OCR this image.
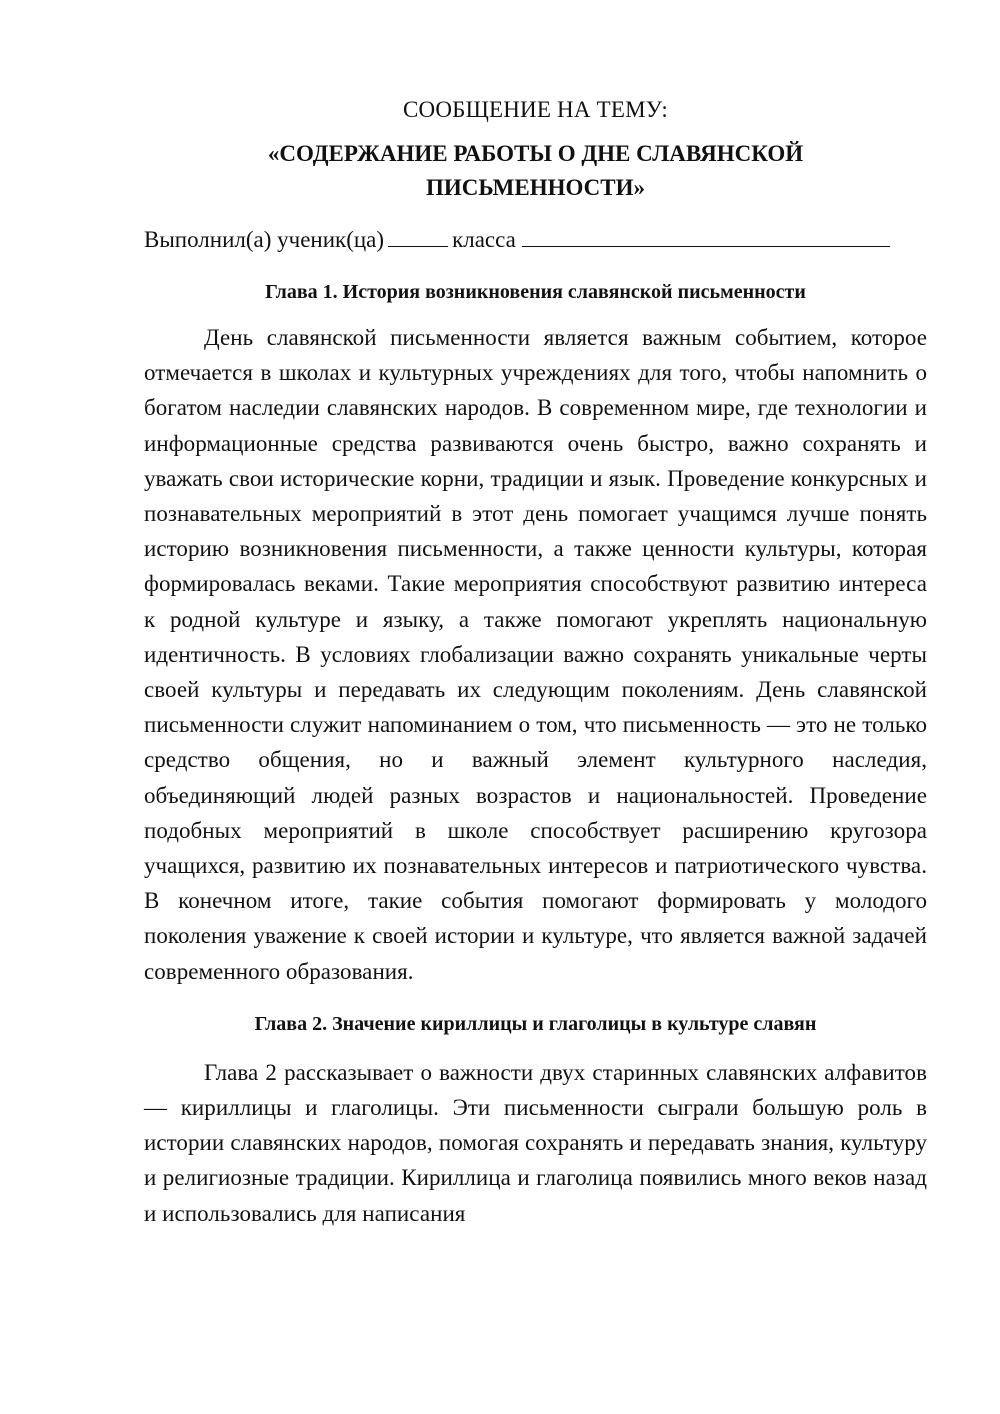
СООБЩЕНИЕ НА ТЕМУ:

«СОДЕРЖАНИЕ РАБОТЫ О ДНЕ СЛАВЯНСКОЙ
ПИСЬМЕННОСТИ»

Выполнил(а) ученик(ца)	класса

Глава 1. История возникновения славянской письменности

День славянской письменности является важным событием, которое отмечается в школах и культурных учреждениях для того, чтобы напомнить о богатом наследии славянских народов. В современном мире, где технологии и информационные средства развиваются очень быстро, важно сохранять и уважать свои исторические корни, традиции и язык. Проведение конкурсных и познавательных мероприятий в этот день помогает учащимся лучше понять историю возникновения письменности, а также ценности культуры, которая формировалась веками. Такие мероприятия способствуют развитию интереса к родной культуре и языку, а также помогают укреплять национальную идентичность. В условиях глобализации важно сохранять уникальные черты своей культуры и передавать их следующим поколениям. День славянской письменности служит напоминанием о том, что письменность — это не только средство общения, но и важный элемент культурного наследия, объединяющий людей разных возрастов и национальностей. Проведение подобных мероприятий в школе способствует расширению кругозора учащихся, развитию их познавательных интересов и патриотического чувства. В конечном итоге, такие события помогают формировать у молодого поколения уважение к своей истории и культуре, что является важной задачей современного образования.

Глава 2. Значение кириллицы и глаголицы в культуре славян

Глава 2 рассказывает о важности двух старинных славянских алфавитов — кириллицы и глаголицы. Эти письменности сыграли большую роль в истории славянских народов, помогая сохранять и передавать знания, культуру и религиозные традиции. Кириллица и глаголица появились много веков назад и использовались для написания
